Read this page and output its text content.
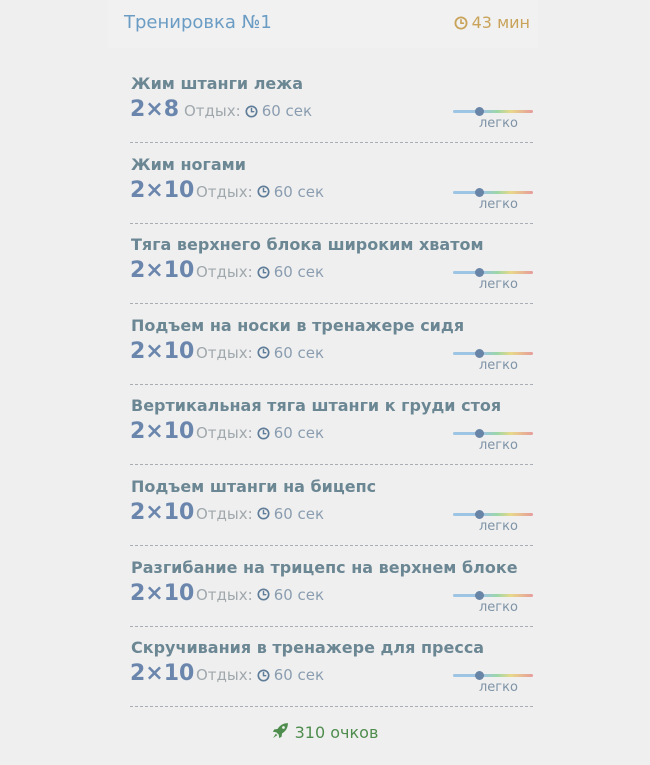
Тренировка №1	43 мин
Жим штанги лежа
2×8 Отдых: 60 сек
легко
Жим ногами
2×10 Отдых: 60 сек
легко
Тяга верхнего блока широким хватом
2×10 Отдых: 60 сек
легко
Подъем на носки в тренажере сидя
2×10 Отдых: 60 сек
легко
Вертикальная тяга штанги к груди стоя
2×10 Отдых: 60 сек
легко
Подъем штанги на бицепс
2×10 Отдых: 60 сек
легко
Разгибание на трицепс на верхнем блоке
2×10 Отдых: 60 сек
легко
Скручивания в тренажере для пресса
2×10 Отдых: 60 сек
легко
310 очков
